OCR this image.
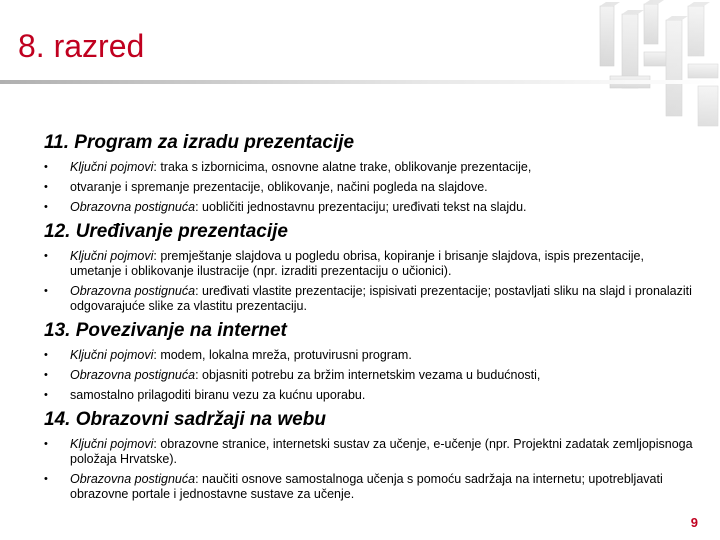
8. razred
11. Program za izradu prezentacije
• Ključni pojmovi: traka s izbornicima, osnovne alatne trake, oblikovanje prezentacije,
• otvaranje i spremanje prezentacije, oblikovanje, načini pogleda na slajdove.
• Obrazovna postignuća: uobličiti jednostavnu prezentaciju; uređivati tekst na slajdu.
12. Uređivanje prezentacije
• Ključni pojmovi: premještanje slajdova u pogledu obrisa, kopiranje i brisanje slajdova, ispis prezentacije, umetanje i oblikovanje ilustracije (npr. izraditi prezentaciju o učionici).
• Obrazovna postignuća: uređivati vlastite prezentacije; ispisivati prezentacije; postavljati sliku na slajd i pronalaziti odgovarajuće slike za vlastitu prezentaciju.
13. Povezivanje na internet
• Ključni pojmovi: modem, lokalna mreža, protuvirusni program.
• Obrazovna postignuća: objasniti potrebu za bržim internetskim vezama u budućnosti,
• samostalno prilagoditi biranu vezu za kućnu uporabu.
14. Obrazovni sadržaji na webu
• Ključni pojmovi: obrazovne stranice, internetski sustav za učenje, e-učenje (npr. Projektni zadatak zemljopisnoga položaja Hrvatske).
• Obrazovna postignuća: naučiti osnove samostalnoga učenja s pomoću sadržaja na internetu; upotrebljavati obrazovne portale i jednostavne sustave za učenje.
9
